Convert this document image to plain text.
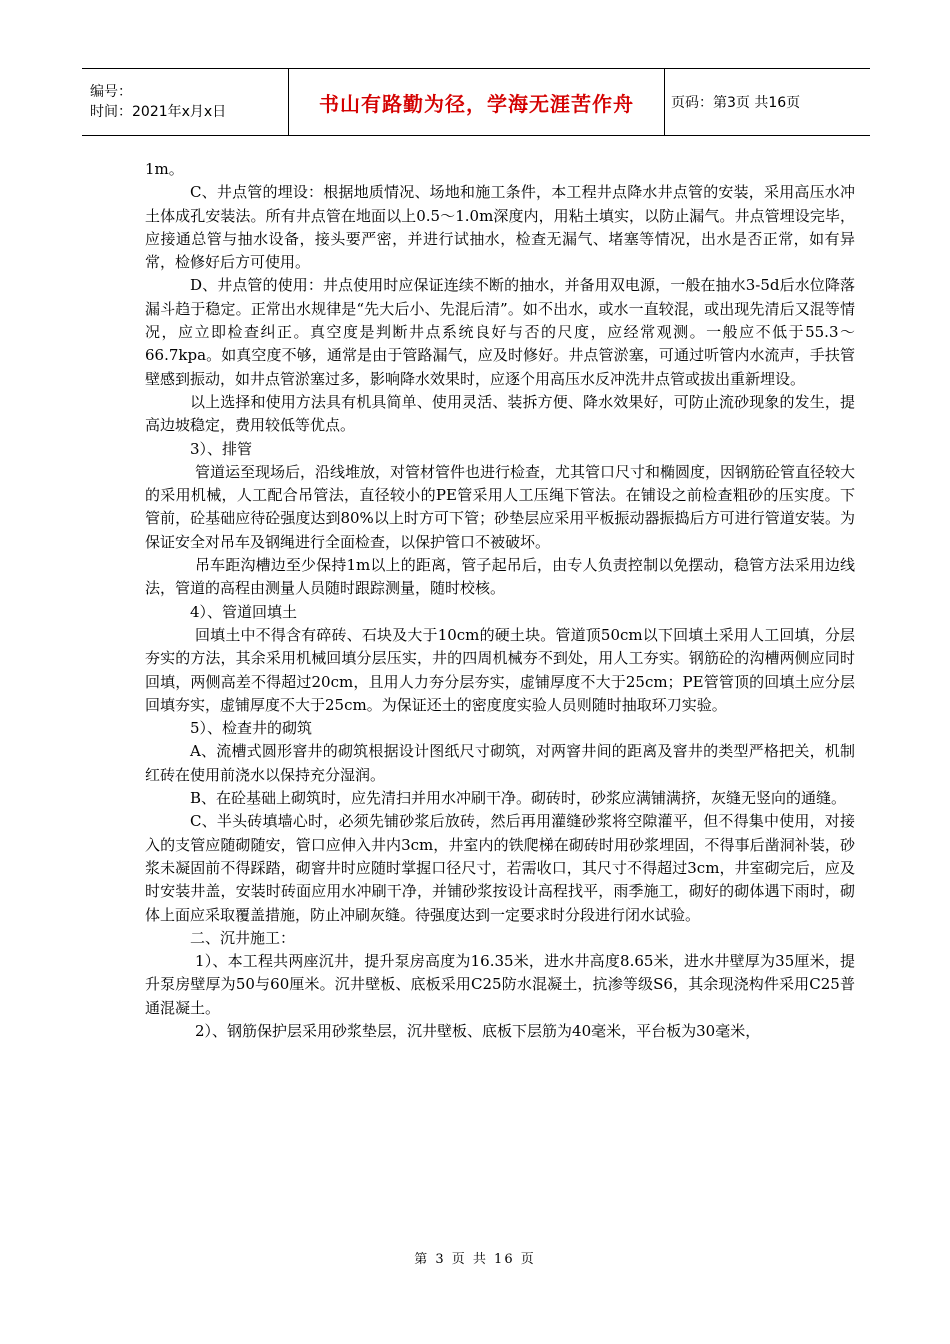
编号：
时间：2021年x月x日	书山有路勤为径，学海无涯苦作舟	页码：第3页 共16页

1m。

C、井点管的埋设：根据地质情况、场地和施工条件，本工程井点降水井点管的安装，采用高压水冲土体成孔安装法。所有井点管在地面以上0.5～1.0m深度内，用粘土填实，以防止漏气。井点管埋设完毕，应接通总管与抽水设备，接头要严密，并进行试抽水，检查无漏气、堵塞等情况，出水是否正常，如有异常，检修好后方可使用。

D、井点管的使用：井点使用时应保证连续不断的抽水，并备用双电源，一般在抽水3-5d后水位降落漏斗趋于稳定。正常出水规律是“先大后小、先混后清”。如不出水，或水一直较混，或出现先清后又混等情况，应立即检查纠正。真空度是判断井点系统良好与否的尺度，应经常观测。一般应不低于55.3～66.7kpa。如真空度不够，通常是由于管路漏气，应及时修好。井点管淤塞，可通过听管内水流声，手扶管壁感到振动，如井点管淤塞过多，影响降水效果时，应逐个用高压水反冲洗井点管或拔出重新埋设。

以上选择和使用方法具有机具简单、使用灵活、装拆方便、降水效果好，可防止流砂现象的发生，提高边坡稳定，费用较低等优点。

3）、排管

管道运至现场后，沿线堆放，对管材管件也进行检查，尤其管口尺寸和椭圆度，因钢筋砼管直径较大的采用机械，人工配合吊管法，直径较小的PE管采用人工压绳下管法。在铺设之前检查粗砂的压实度。下管前，砼基础应待砼强度达到80%以上时方可下管；砂垫层应采用平板振动器振捣后方可进行管道安装。为保证安全对吊车及钢绳进行全面检查，以保护管口不被破坏。

吊车距沟槽边至少保持1m以上的距离，管子起吊后，由专人负责控制以免摆动，稳管方法采用边线法，管道的高程由测量人员随时跟踪测量，随时校核。

4）、管道回填土

回填土中不得含有碎砖、石块及大于10cm的硬土块。管道顶50cm以下回填土采用人工回填，分层夯实的方法，其余采用机械回填分层压实，井的四周机械夯不到处，用人工夯实。钢筋砼的沟槽两侧应同时回填，两侧高差不得超过20cm，且用人力夯分层夯实，虚铺厚度不大于25cm；PE管管顶的回填土应分层回填夯实，虚铺厚度不大于25cm。为保证还土的密度度实验人员则随时抽取环刀实验。

5）、检查井的砌筑

A、流槽式圆形窨井的砌筑根据设计图纸尺寸砌筑，对两窨井间的距离及窨井的类型严格把关，机制红砖在使用前浇水以保持充分湿润。

B、在砼基础上砌筑时，应先清扫并用水冲刷干净。砌砖时，砂浆应满铺满挤，灰缝无竖向的通缝。

C、半头砖填墙心时，必须先铺砂浆后放砖，然后再用灌缝砂浆将空隙灌平，但不得集中使用，对接入的支管应随砌随安，管口应伸入井内3cm，井室内的铁爬梯在砌砖时用砂浆埋固，不得事后凿洞补装，砂浆未凝固前不得踩踏，砌窨井时应随时掌握口径尺寸，若需收口，其尺寸不得超过3cm，井室砌完后，应及时安装井盖，安装时砖面应用水冲刷干净，并铺砂浆按设计高程找平，雨季施工，砌好的砌体遇下雨时，砌体上面应采取覆盖措施，防止冲刷灰缝。待强度达到一定要求时分段进行闭水试验。

二、沉井施工：

1）、本工程共两座沉井，提升泵房高度为16.35米，进水井高度8.65米，进水井壁厚为35厘米，提升泵房壁厚为50与60厘米。沉井壁板、底板采用C25防水混凝土，抗渗等级S6，其余现浇构件采用C25普通混凝土。

2）、钢筋保护层采用砂浆垫层，沉井壁板、底板下层筋为40毫米，平台板为30毫米，

第 3 页 共 16 页
